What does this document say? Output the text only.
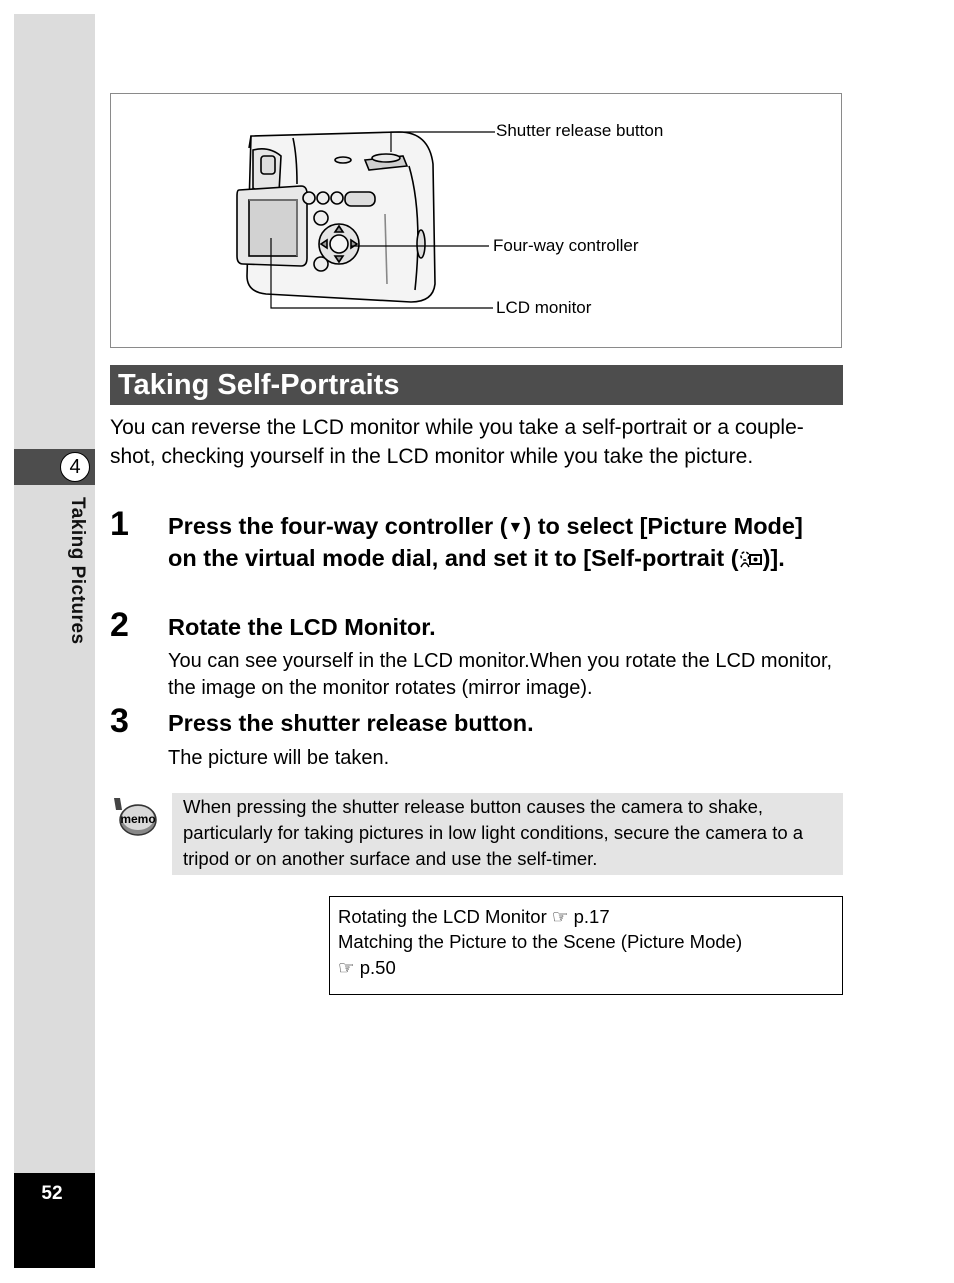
4
Taking Pictures
52
Shutter release button
Four-way controller
LCD monitor
Taking Self-Portraits
You can reverse the LCD monitor while you take a self-portrait or a couple-shot, checking yourself in the LCD monitor while you take the picture.
1 Press the four-way controller (▼) to select [Picture Mode] on the virtual mode dial, and set it to [Self-portrait ( )].
2 Rotate the LCD Monitor.
You can see yourself in the LCD monitor.When you rotate the LCD monitor, the image on the monitor rotates (mirror image).
3 Press the shutter release button.
The picture will be taken.
memo
When pressing the shutter release button causes the camera to shake, particularly for taking pictures in low light conditions, secure the camera to a tripod or on another surface and use the self-timer.
Rotating the LCD Monitor ☞ p.17
Matching the Picture to the Scene (Picture Mode)
☞ p.50
